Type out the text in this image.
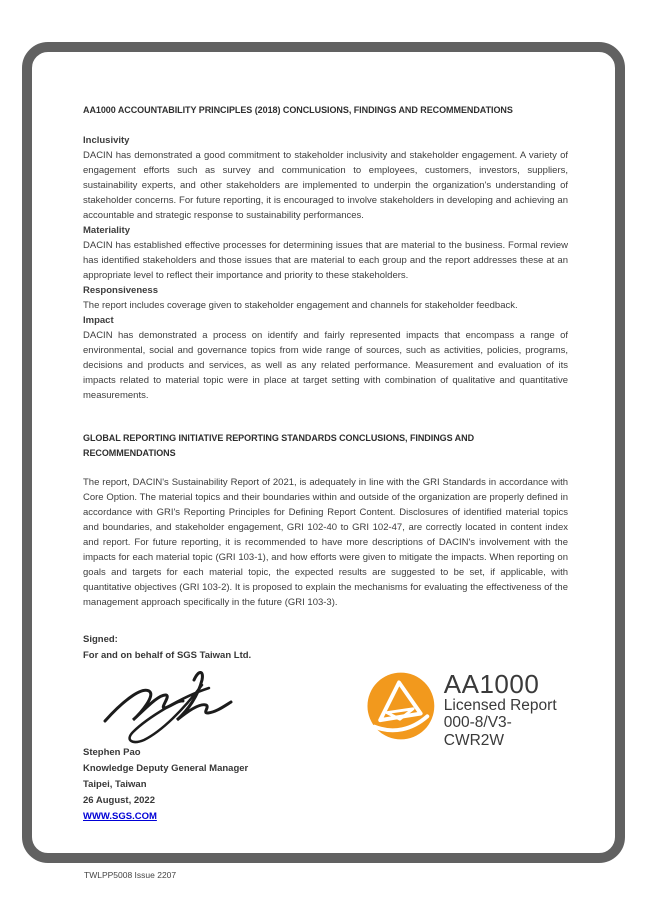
AA1000 ACCOUNTABILITY PRINCIPLES (2018) CONCLUSIONS, FINDINGS AND RECOMMENDATIONS
Inclusivity
DACIN has demonstrated a good commitment to stakeholder inclusivity and stakeholder engagement. A variety of engagement efforts such as survey and communication to employees, customers, investors, suppliers, sustainability experts, and other stakeholders are implemented to underpin the organization's understanding of stakeholder concerns. For future reporting, it is encouraged to involve stakeholders in developing and achieving an accountable and strategic response to sustainability performances.
Materiality
DACIN has established effective processes for determining issues that are material to the business. Formal review has identified stakeholders and those issues that are material to each group and the report addresses these at an appropriate level to reflect their importance and priority to these stakeholders.
Responsiveness
The report includes coverage given to stakeholder engagement and channels for stakeholder feedback.
Impact
DACIN has demonstrated a process on identify and fairly represented impacts that encompass a range of environmental, social and governance topics from wide range of sources, such as activities, policies, programs, decisions and products and services, as well as any related performance. Measurement and evaluation of its impacts related to material topic were in place at target setting with combination of qualitative and quantitative measurements.
GLOBAL REPORTING INITIATIVE REPORTING STANDARDS CONCLUSIONS, FINDINGS AND RECOMMENDATIONS
The report, DACIN's Sustainability Report of 2021, is adequately in line with the GRI Standards in accordance with Core Option. The material topics and their boundaries within and outside of the organization are properly defined in accordance with GRI's Reporting Principles for Defining Report Content. Disclosures of identified material topics and boundaries, and stakeholder engagement, GRI 102-40 to GRI 102-47, are correctly located in content index and report. For future reporting, it is recommended to have more descriptions of DACIN's involvement with the impacts for each material topic (GRI 103-1), and how efforts were given to mitigate the impacts. When reporting on goals and targets for each material topic, the expected results are suggested to be set, if applicable, with quantitative objectives (GRI 103-2). It is proposed to explain the mechanisms for evaluating the effectiveness of the management approach specifically in the future (GRI 103-3).
Signed:
For and on behalf of SGS Taiwan Ltd.
AA1000
Licensed Report
000-8/V3-CWR2W
Stephen Pao
Knowledge Deputy General Manager
Taipei, Taiwan
26 August, 2022
WWW.SGS.COM
TWLPP5008 Issue 2207
